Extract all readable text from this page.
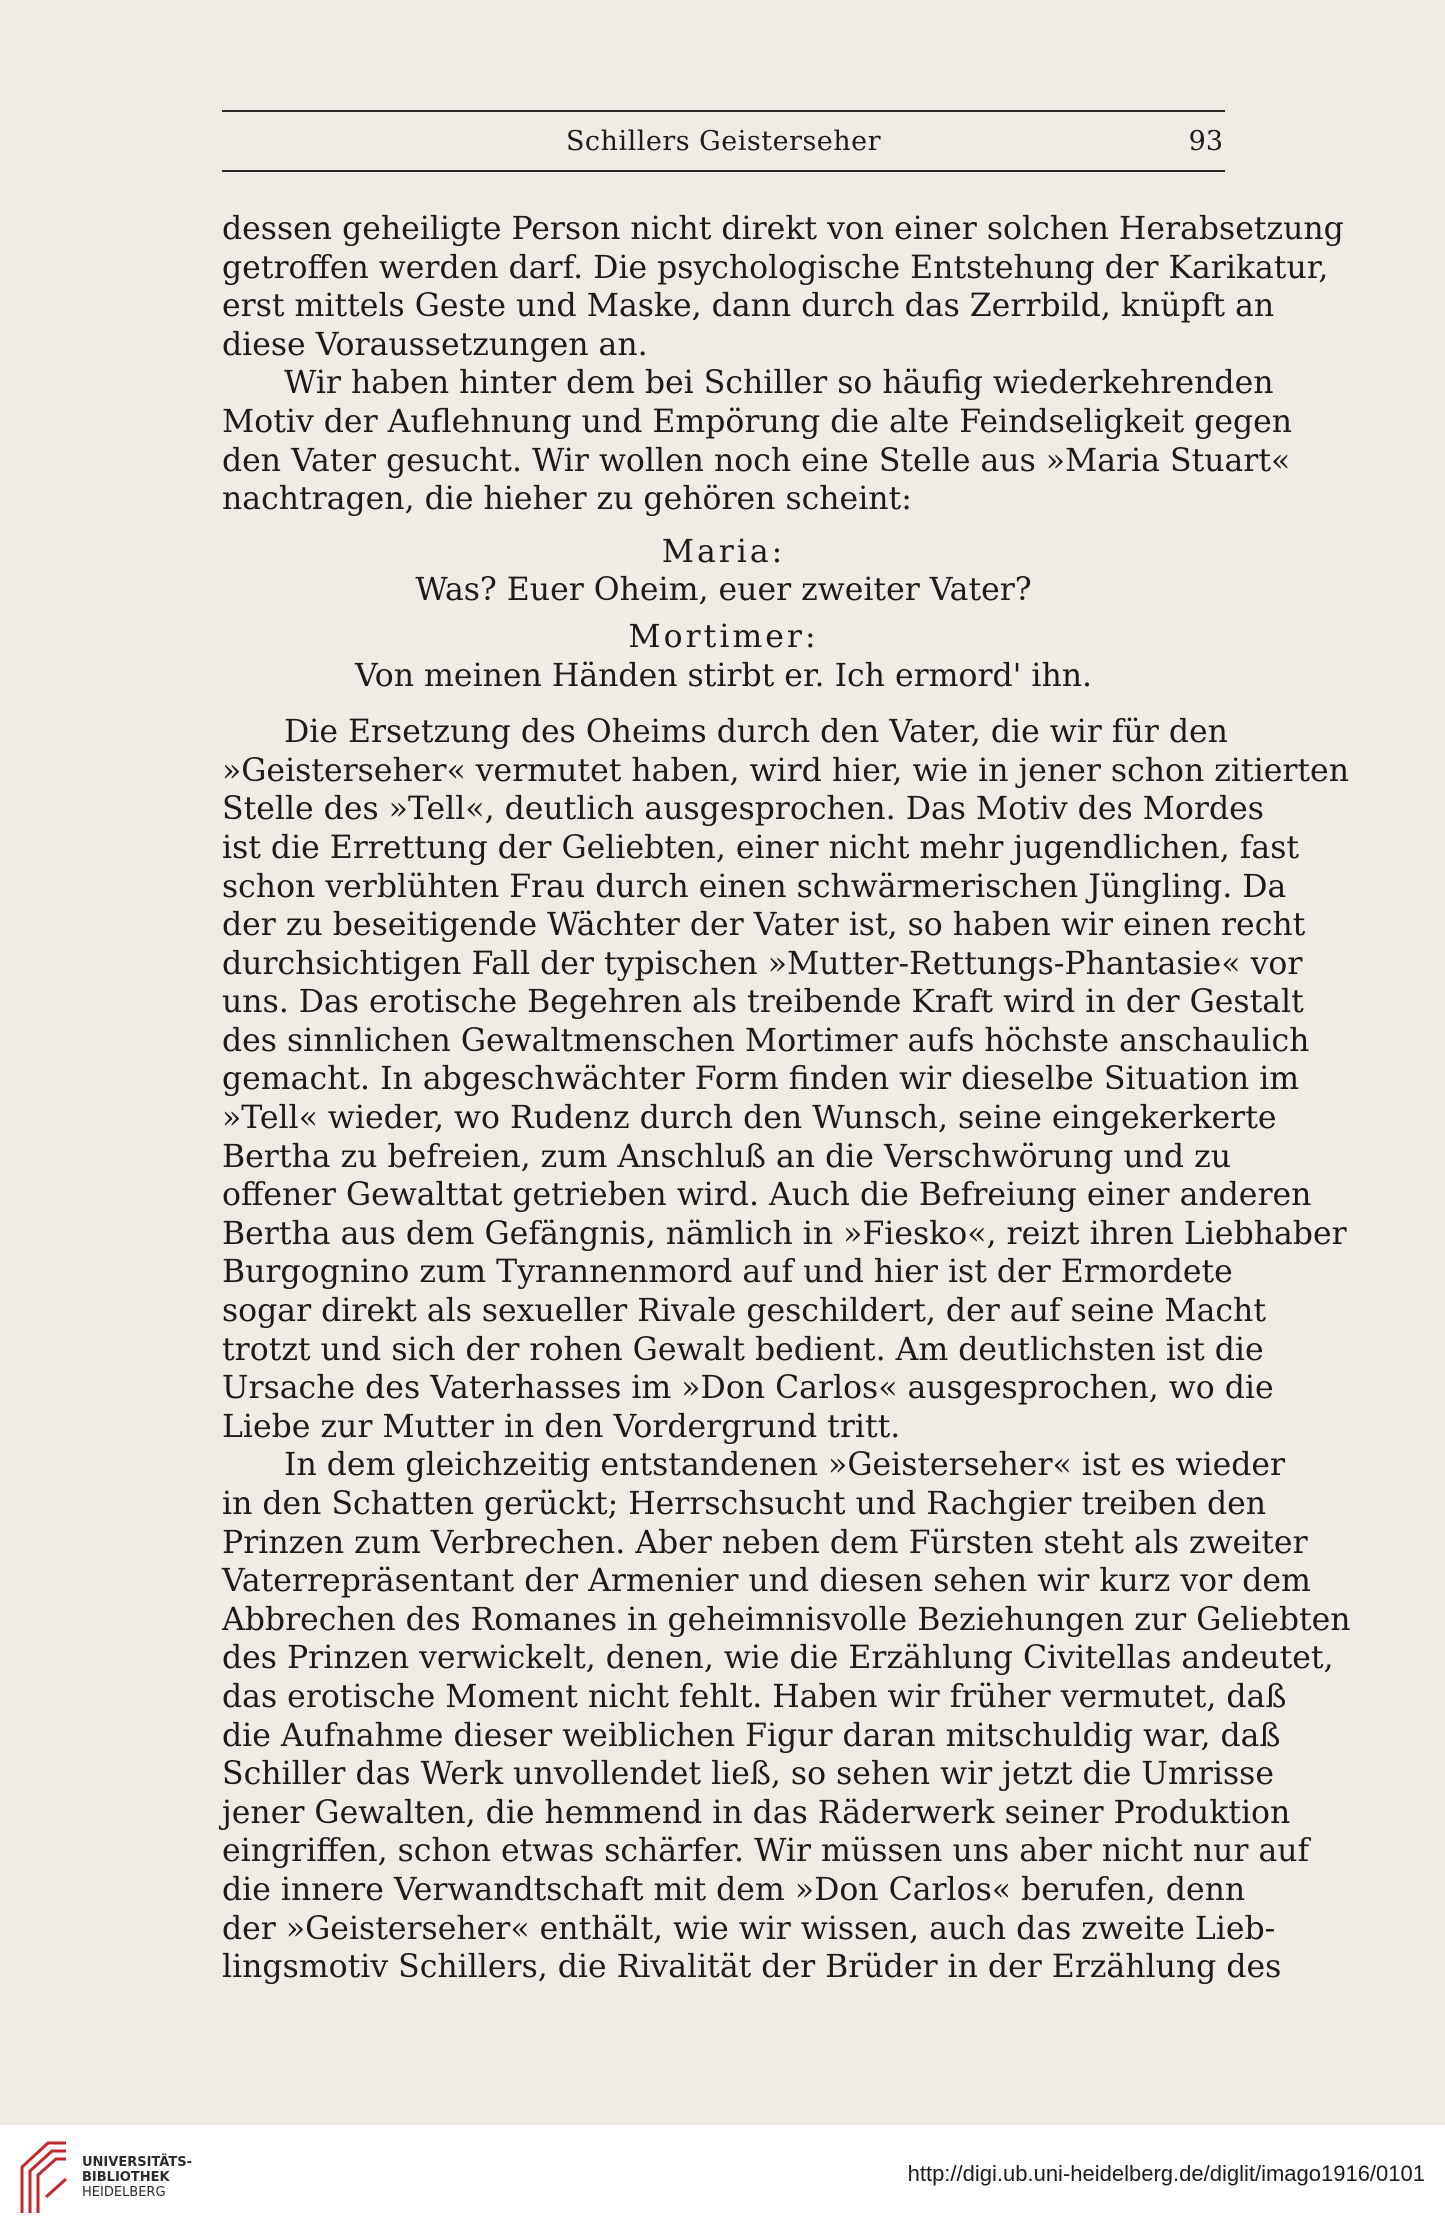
Schillers Geisterseher	93
dessen geheiligte Person nicht direkt von einer solchen Herabsetzung
getroffen werden darf. Die psychologische Entstehung der Karikatur,
erst mittels Geste und Maske, dann durch das Zerrbild, knüpft an
diese Voraussetzungen an.
Wir haben hinter dem bei Schiller so häufig wiederkehrenden
Motiv der Auflehnung und Empörung die alte Feindseligkeit gegen
den Vater gesucht. Wir wollen noch eine Stelle aus »Maria Stuart«
nachtragen, die hieher zu gehören scheint:
Maria:
Was? Euer Oheim, euer zweiter Vater?
Mortimer:
Von meinen Händen stirbt er. Ich ermord' ihn.
Die Ersetzung des Oheims durch den Vater, die wir für den
»Geisterseher« vermutet haben, wird hier, wie in jener schon zitierten
Stelle des »Tell«, deutlich ausgesprochen. Das Motiv des Mordes
ist die Errettung der Geliebten, einer nicht mehr jugendlichen, fast
schon verblühten Frau durch einen schwärmerischen Jüngling. Da
der zu beseitigende Wächter der Vater ist, so haben wir einen recht
durchsichtigen Fall der typischen »Mutter-Rettungs-Phantasie« vor
uns. Das erotische Begehren als treibende Kraft wird in der Gestalt
des sinnlichen Gewaltmenschen Mortimer aufs höchste anschaulich
gemacht. In abgeschwächter Form finden wir dieselbe Situation im
»Tell« wieder, wo Rudenz durch den Wunsch, seine eingekerkerte
Bertha zu befreien, zum Anschluß an die Verschwörung und zu
offener Gewalttat getrieben wird. Auch die Befreiung einer anderen
Bertha aus dem Gefängnis, nämlich in »Fiesko«, reizt ihren Liebhaber
Burgognino zum Tyrannenmord auf und hier ist der Ermordete
sogar direkt als sexueller Rivale geschildert, der auf seine Macht
trotzt und sich der rohen Gewalt bedient. Am deutlichsten ist die
Ursache des Vaterhasses im »Don Carlos« ausgesprochen, wo die
Liebe zur Mutter in den Vordergrund tritt.
In dem gleichzeitig entstandenen »Geisterseher« ist es wieder
in den Schatten gerückt; Herrschsucht und Rachgier treiben den
Prinzen zum Verbrechen. Aber neben dem Fürsten steht als zweiter
Vaterrepräsentant der Armenier und diesen sehen wir kurz vor dem
Abbrechen des Romanes in geheimnisvolle Beziehungen zur Geliebten
des Prinzen verwickelt, denen, wie die Erzählung Civitellas andeutet,
das erotische Moment nicht fehlt. Haben wir früher vermutet, daß
die Aufnahme dieser weiblichen Figur daran mitschuldig war, daß
Schiller das Werk unvollendet ließ, so sehen wir jetzt die Umrisse
jener Gewalten, die hemmend in das Räderwerk seiner Produktion
eingriffen, schon etwas schärfer. Wir müssen uns aber nicht nur auf
die innere Verwandtschaft mit dem »Don Carlos« berufen, denn
der »Geisterseher« enthält, wie wir wissen, auch das zweite Lieb-
lingsmotiv Schillers, die Rivalität der Brüder in der Erzählung des
UNIVERSITÄTS-
BIBLIOTHEK
HEIDELBERG
http://digi.ub.uni-heidelberg.de/diglit/imago1916/0101
